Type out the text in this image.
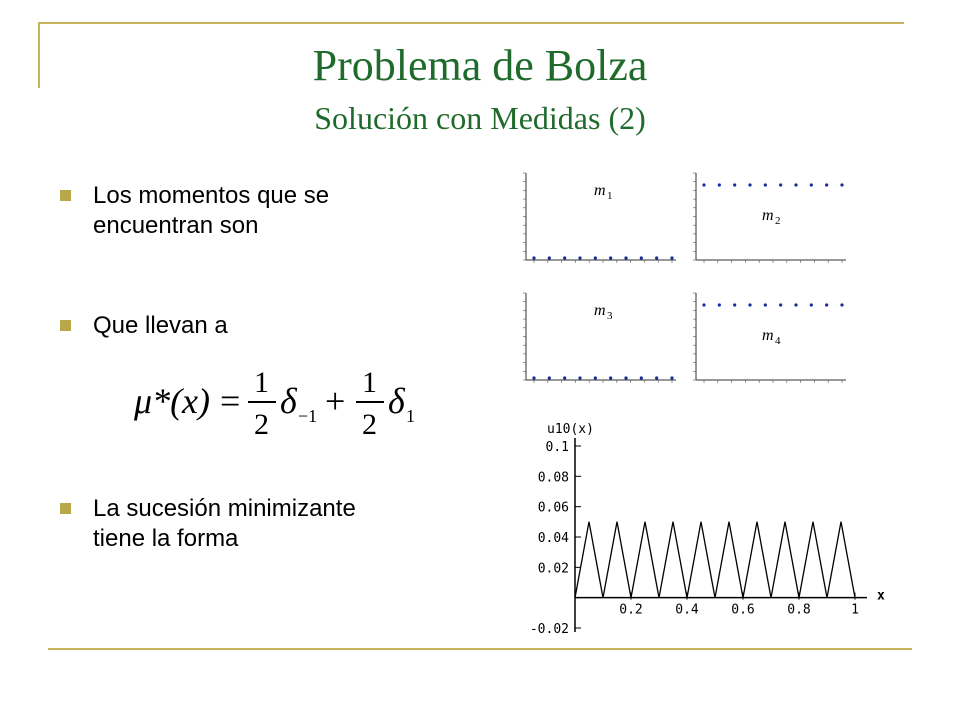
Problema de Bolza
Solución con Medidas (2)
Los momentos que se
encuentran son
Que llevan a
La sucesión minimizante
tiene la forma
μ*(x) = 1
2
δ −1 + 1
2
δ 1
m 1
m 2
m 3
m 4
u10(x)
0.1
0.08
0.06
0.04
0.02
-0.02
0.2	0.4	0.6	0.8	1
x
